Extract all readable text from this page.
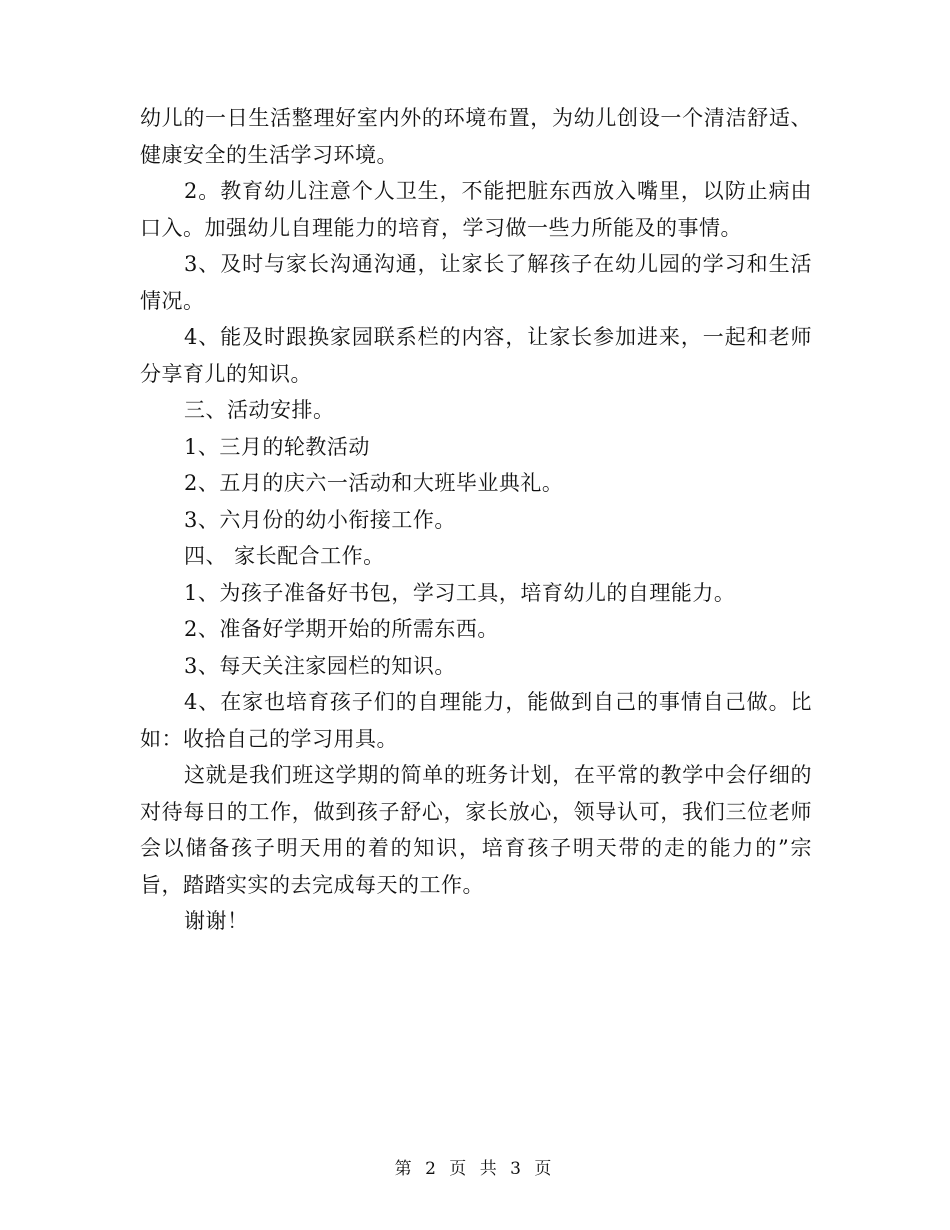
幼儿的一日生活整理好室内外的环境布置，为幼儿创设一个清洁舒适、健康安全的生活学习环境。

2。教育幼儿注意个人卫生，不能把脏东西放入嘴里，以防止病由口入。加强幼儿自理能力的培育，学习做一些力所能及的事情。

3、及时与家长沟通沟通，让家长了解孩子在幼儿园的学习和生活情况。

4、能及时跟换家园联系栏的内容，让家长参加进来，一起和老师分享育儿的知识。

三、活动安排。

1、三月的轮教活动

2、五月的庆六一活动和大班毕业典礼。

3、六月份的幼小衔接工作。

四、 家长配合工作。

1、为孩子准备好书包，学习工具，培育幼儿的自理能力。

2、准备好学期开始的所需东西。

3、每天关注家园栏的知识。

4、在家也培育孩子们的自理能力，能做到自己的事情自己做。比如：收拾自己的学习用具。

这就是我们班这学期的简单的班务计划，在平常的教学中会仔细的对待每日的工作，做到孩子舒心，家长放心，领导认可，我们三位老师会以储备孩子明天用的着的知识，培育孩子明天带的走的能力的”宗旨，踏踏实实的去完成每天的工作。

谢谢！

第 2 页 共 3 页
